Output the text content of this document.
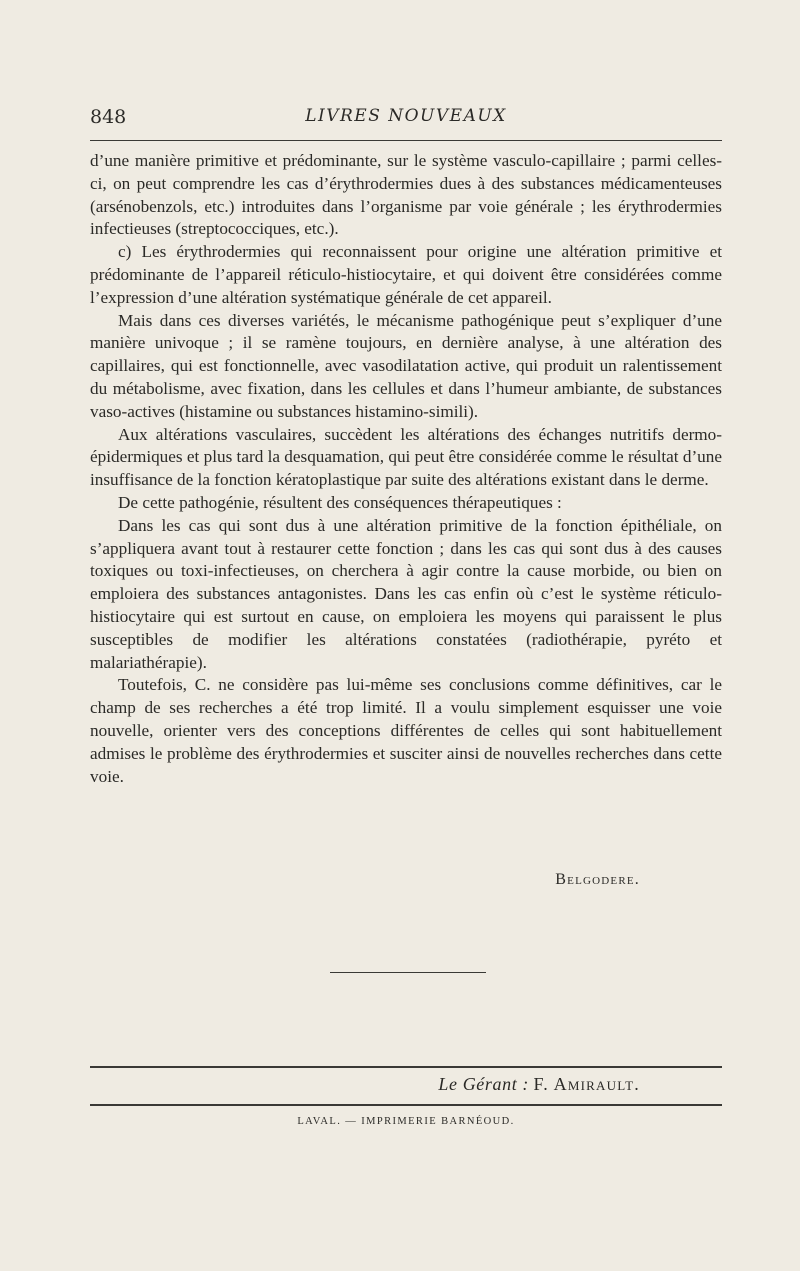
848	LIVRES NOUVEAUX

d’une manière primitive et prédominante, sur le système vasculo-capillaire ; parmi celles-ci, on peut comprendre les cas d’érythrodermies dues à des substances médicamenteuses (arsénobenzols, etc.) introduites dans l’organisme par voie générale ; les érythrodermies infectieuses (streptococciques, etc.).

c) Les érythrodermies qui reconnaissent pour origine une altération primitive et prédominante de l’appareil réticulo-histiocytaire, et qui doivent être considérées comme l’expression d’une altération systématique générale de cet appareil.

Mais dans ces diverses variétés, le mécanisme pathogénique peut s’expliquer d’une manière univoque ; il se ramène toujours, en dernière analyse, à une altération des capillaires, qui est fonctionnelle, avec vasodilatation active, qui produit un ralentissement du métabolisme, avec fixation, dans les cellules et dans l’humeur ambiante, de substances vaso-actives (histamine ou substances histamino-simili).

Aux altérations vasculaires, succèdent les altérations des échanges nutritifs dermo-épidermiques et plus tard la desquamation, qui peut être considérée comme le résultat d’une insuffisance de la fonction kératoplastique par suite des altérations existant dans le derme.

De cette pathogénie, résultent des conséquences thérapeutiques :

Dans les cas qui sont dus à une altération primitive de la fonction épithéliale, on s’appliquera avant tout à restaurer cette fonction ; dans les cas qui sont dus à des causes toxiques ou toxi-infectieuses, on cherchera à agir contre la cause morbide, ou bien on emploiera des substances antagonistes. Dans les cas enfin où c’est le système réticulo-histiocytaire qui est surtout en cause, on emploiera les moyens qui paraissent le plus susceptibles de modifier les altérations constatées (radiothérapie, pyréto et malariathérapie).

Toutefois, C. ne considère pas lui-même ses conclusions comme définitives, car le champ de ses recherches a été trop limité. Il a voulu simplement esquisser une voie nouvelle, orienter vers des conceptions différentes de celles qui sont habituellement admises le problème des érythrodermies et susciter ainsi de nouvelles recherches dans cette voie.

Belgodere.
Le Gérant : F. Amirault.
LAVAL. — IMPRIMERIE BARNÉOUD.
